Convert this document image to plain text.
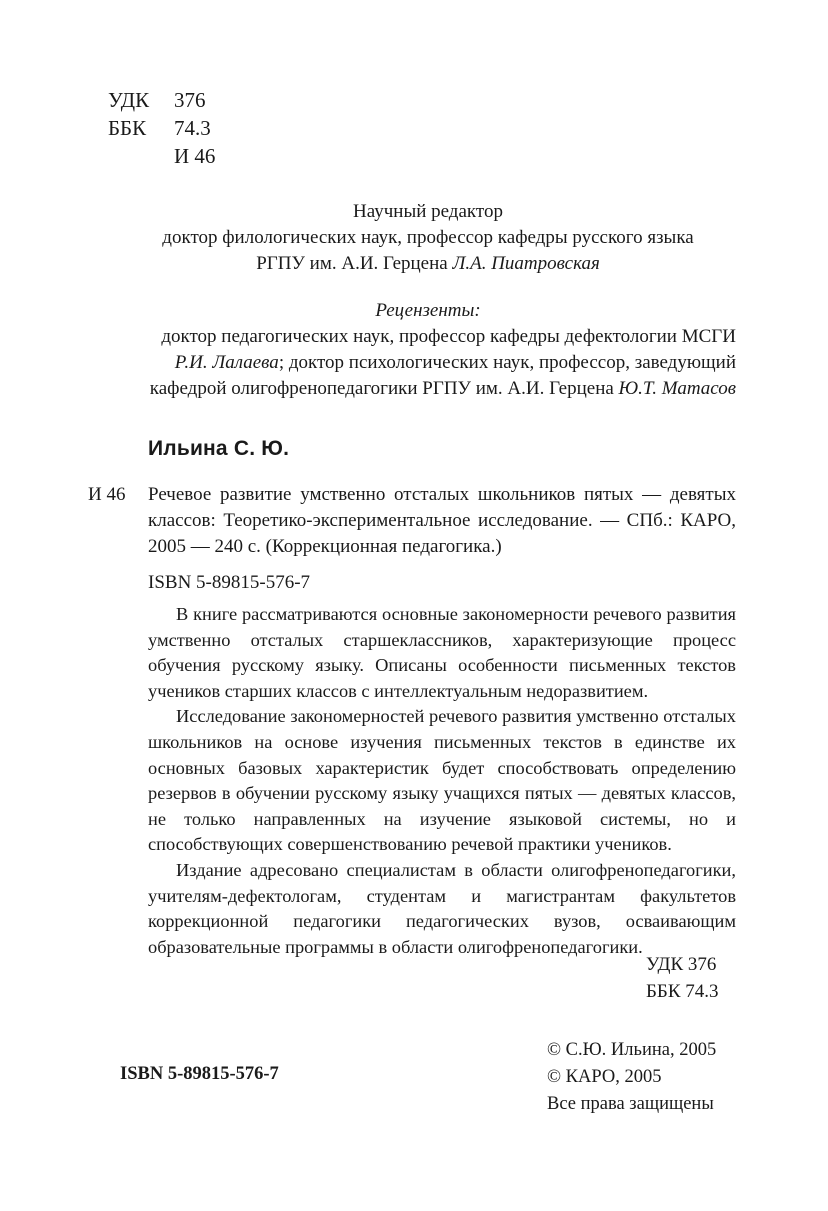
УДК 376
ББК 74.3
И 46
Научный редактор
доктор филологических наук, профессор кафедры русского языка
РГПУ им. А.И. Герцена Л.А. Пиатровская
Рецензенты:
доктор педагогических наук, профессор кафедры дефектологии МСГИ
Р.И. Лалаева; доктор психологических наук, профессор, заведующий
кафедрой олигофренопедагогики РГПУ им. А.И. Герцена Ю.Т. Матасов
Ильина С. Ю.
И 46 Речевое развитие умственно отсталых школьников пятых — девятых классов: Теоретико-экспериментальное исследование. — СПб.: КАРО, 2005 — 240 с. (Коррекционная педагогика.)
ISBN 5-89815-576-7

В книге рассматриваются основные закономерности речевого развития умственно отсталых старшеклассников, характеризующие процесс обучения русскому языку. Описаны особенности письменных текстов учеников старших классов с интеллектуальным недоразвитием.

Исследование закономерностей речевого развития умственно отсталых школьников на основе изучения письменных текстов в единстве их основных базовых характеристик будет способствовать определению резервов в обучении русскому языку учащихся пятых — девятых классов, не только направленных на изучение языковой системы, но и способствующих совершенствованию речевой практики учеников.

Издание адресовано специалистам в области олигофренопедагогики, учителям-дефектологам, студентам и магистрантам факультетов коррекционной педагогики педагогических вузов, осваивающим образовательные программы в области олигофренопедагогики.

УДК 376
ББК 74.3
ISBN 5-89815-576-7
© С.Ю. Ильина, 2005
© КАРО, 2005
Все права защищены
